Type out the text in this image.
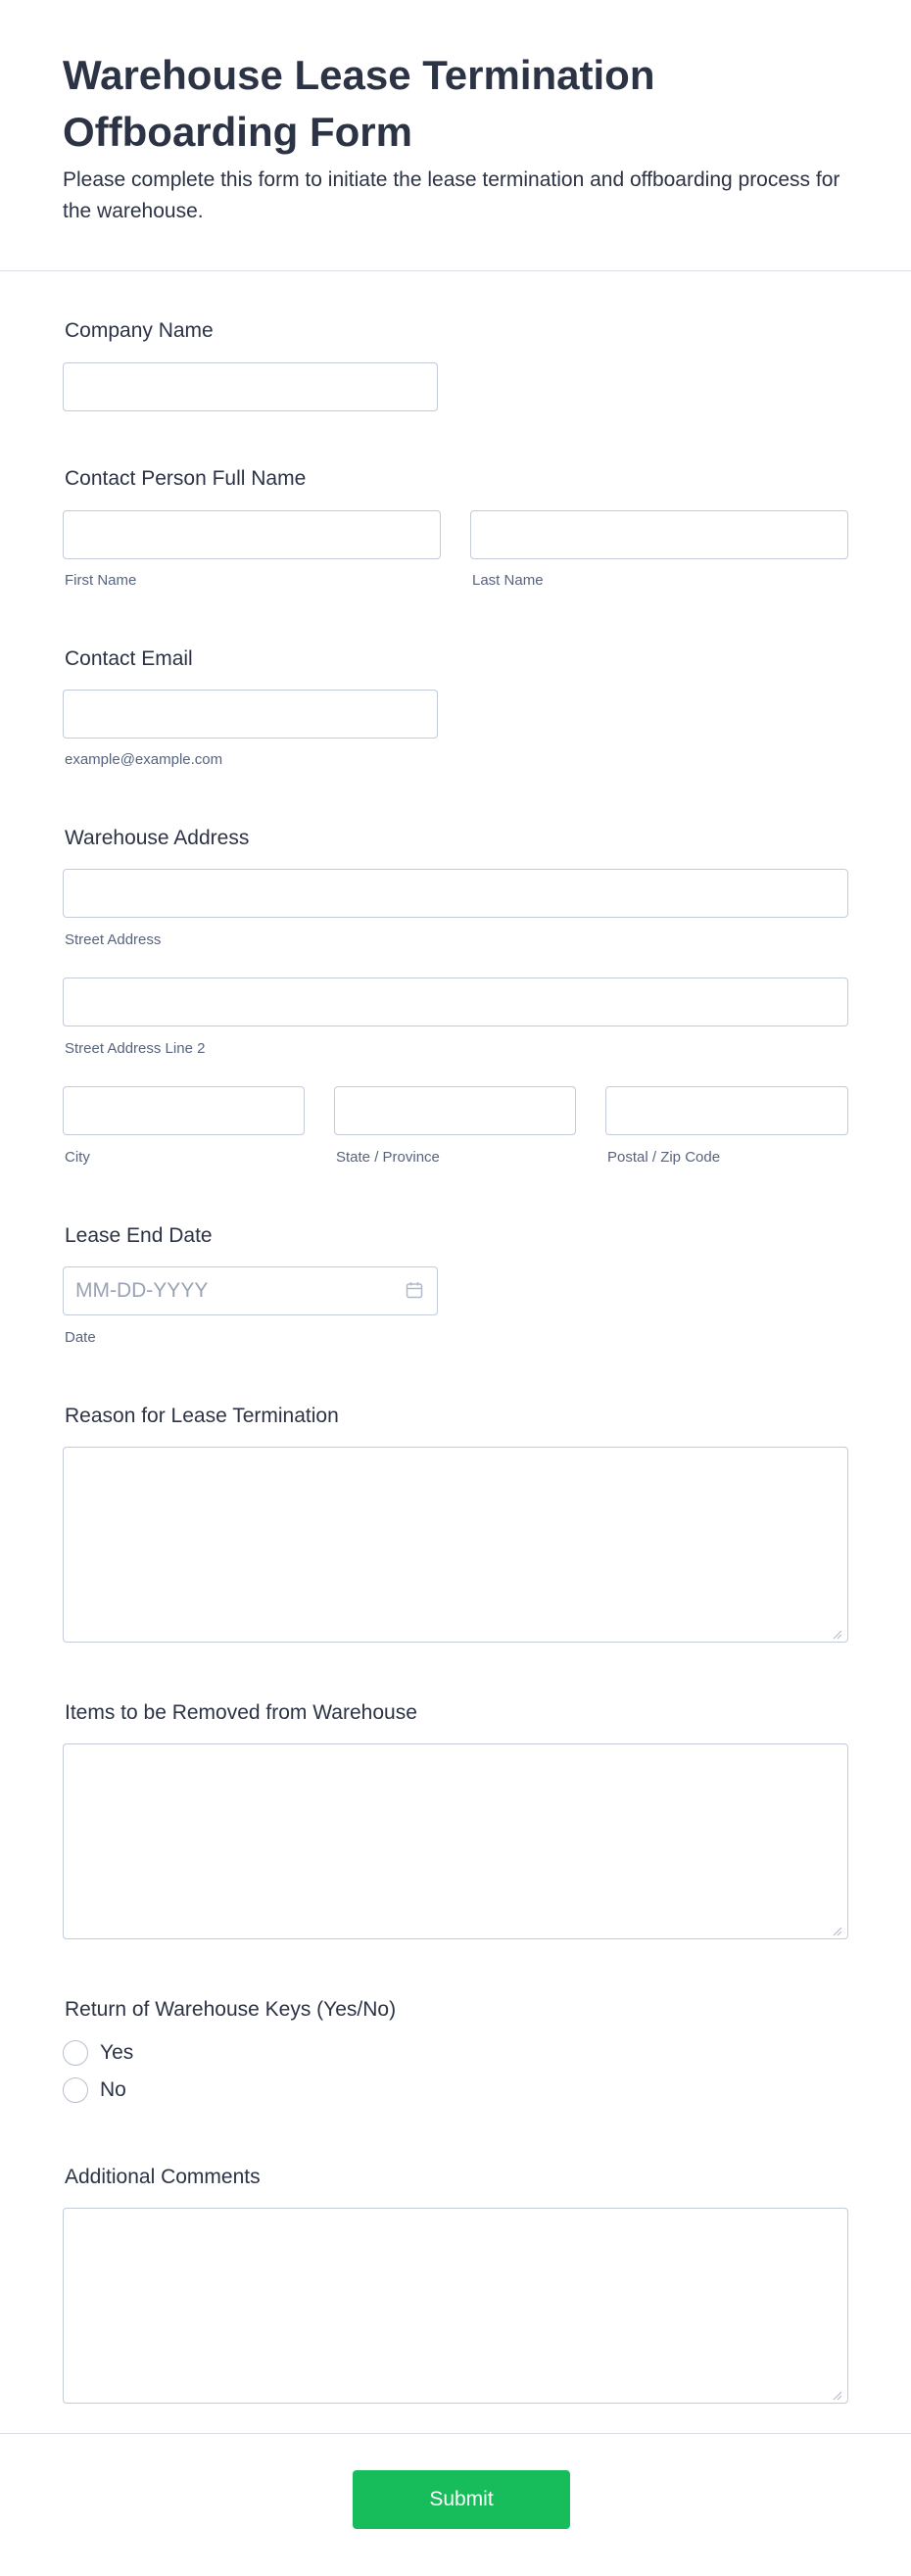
Warehouse Lease Termination Offboarding Form

Please complete this form to initiate the lease termination and offboarding process for the warehouse.

Company Name
Contact Person Full Name
First Name	Last Name
Contact Email
example@example.com
Warehouse Address
Street Address
Street Address Line 2
City	State / Province	Postal / Zip Code
Lease End Date
MM-DD-YYYY
Date
Reason for Lease Termination
Items to be Removed from Warehouse
Return of Warehouse Keys (Yes/No)
Yes
No
Additional Comments
Submit
